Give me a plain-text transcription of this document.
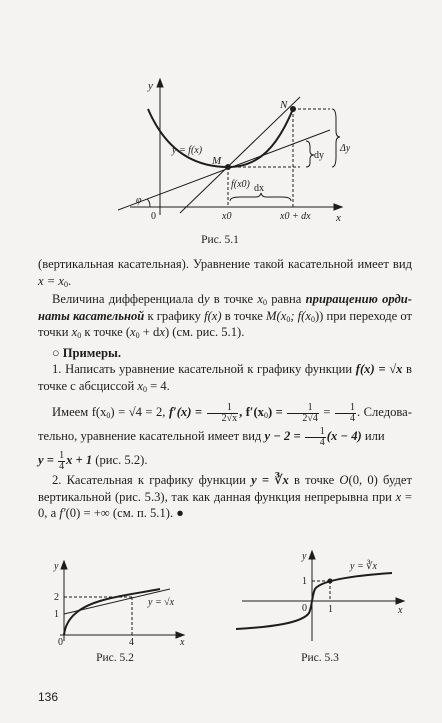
y
x
N
M
y = f(x)
φ
0	x0	x0 + dx
dx
dy
Δy
f(x0)
Рис. 5.1

(вертикальная касательная). Уравнение такой касательной имеет вид $x = x_0$.

Величина дифференциала dy в точке $x_0$ равна приращению орди- наты касательной к графику f(x) в точке $M(x_0$; $f(x_0)$) при переходе от точки $x_0$ к точке $(x_0 + dx)$ (см. рис. 5.1).

○ Примеры.

1. Написать уравнение касательной к графику функции f(x) = √x в точке с абсциссой $x_0 = 4$.

Имеем $f(x_0) = √4 = 2$, $f'(x) = \frac{1}{2√x}$ , $f'(x_0) = \frac{1}{2√4} = \frac{1}{4}$ . Следова- тельно, уравнение касательной имеет вид $y - 2 = \frac{1}{4} (x - 4)$ или

$y = \frac{1}{4}$ x + 1 (рис. 5.2).

2. Касательная к графику функции y = ∛x в точке O(0, 0) будет вертикальной (рис. 5.3), так как данная функция непрерывна при x = 0, а f′(0) = +∞ (см. п. 5.1). ●

y
x
2
1
0	4
y = √x
Рис. 5.2
y
x
1
0 1
y = ∛x
Рис. 5.3
136
